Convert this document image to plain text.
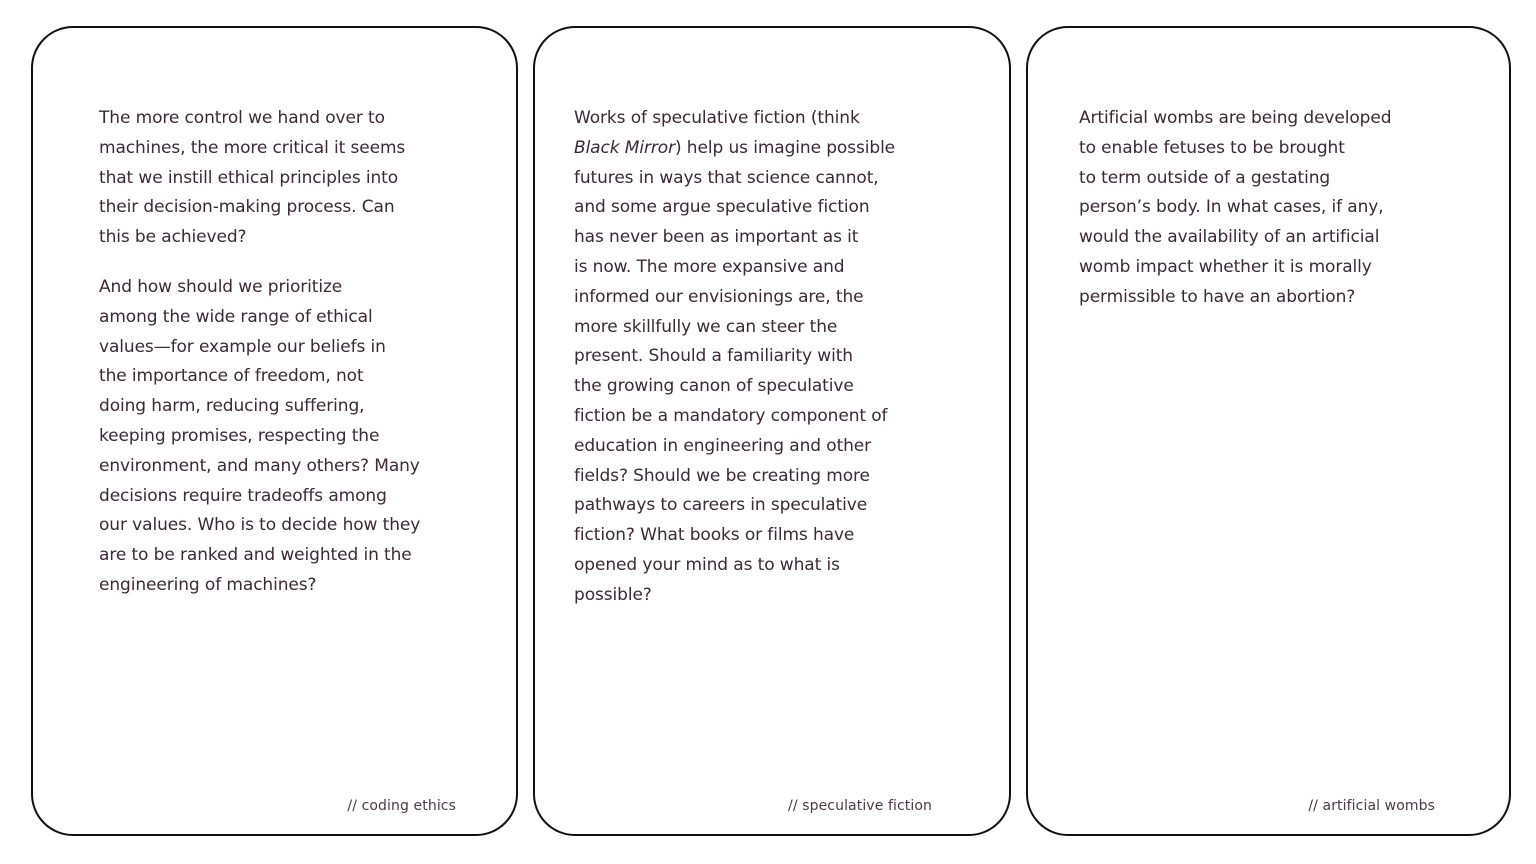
The more control we hand over to
machines, the more critical it seems
that we instill ethical principles into
their decision-making process. Can
this be achieved?

And how should we prioritize
among the wide range of ethical
values—for example our beliefs in
the importance of freedom, not
doing harm, reducing suffering,
keeping promises, respecting the
environment, and many others? Many
decisions require tradeoffs among
our values. Who is to decide how they
are to be ranked and weighted in the
engineering of machines?

// coding ethics

Works of speculative fiction (think
Black Mirror) help us imagine possible
futures in ways that science cannot,
and some argue speculative fiction
has never been as important as it
is now. The more expansive and
informed our envisionings are, the
more skillfully we can steer the
present. Should a familiarity with
the growing canon of speculative
fiction be a mandatory component of
education in engineering and other
fields? Should we be creating more
pathways to careers in speculative
fiction? What books or films have
opened your mind as to what is
possible?

// speculative fiction

Artificial wombs are being developed
to enable fetuses to be brought
to term outside of a gestating
person’s body. In what cases, if any,
would the availability of an artificial
womb impact whether it is morally
permissible to have an abortion?

// artificial wombs
